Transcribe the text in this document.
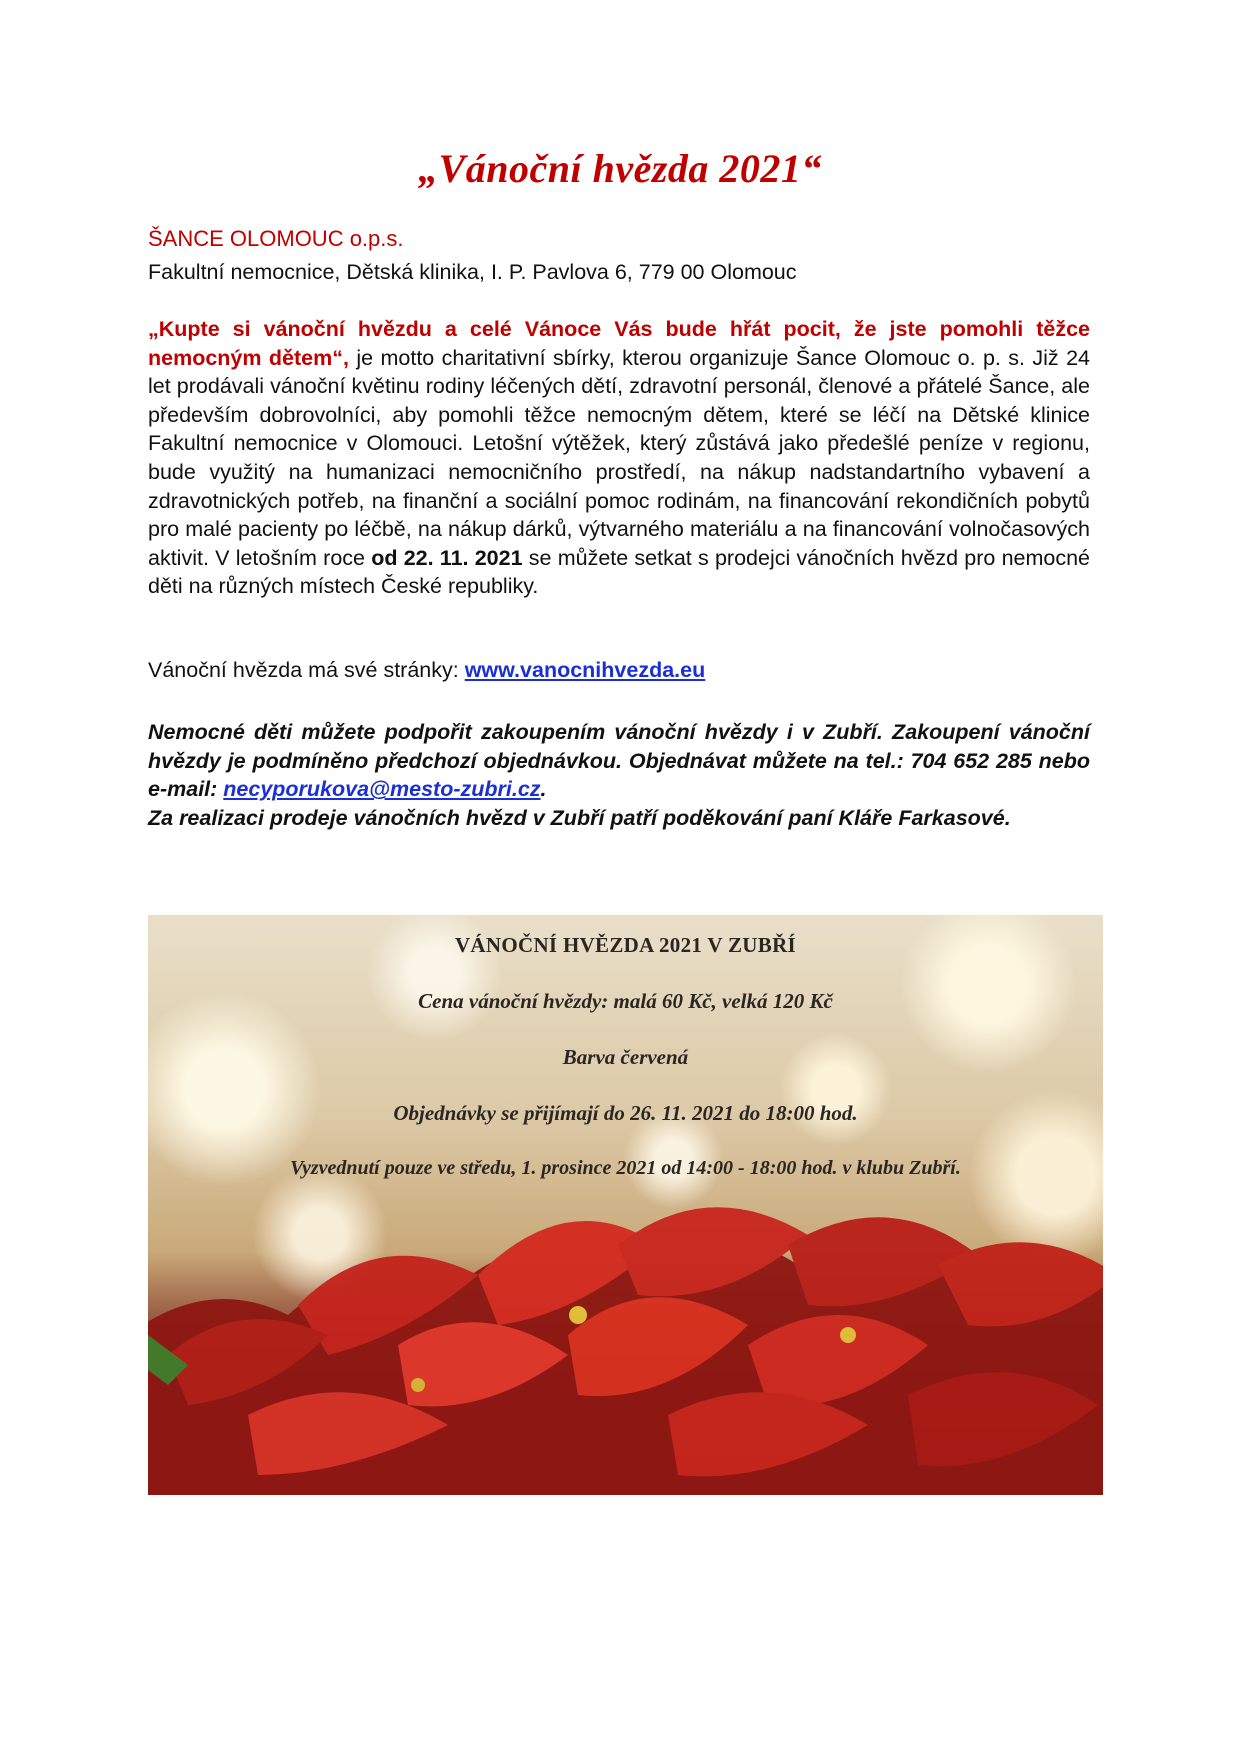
„Vánoční hvězda 2021“

ŠANCE OLOMOUC o.p.s.

Fakultní nemocnice, Dětská klinika, I. P. Pavlova 6, 779 00 Olomouc

„Kupte si vánoční hvězdu a celé Vánoce Vás bude hřát pocit, že jste pomohli těžce nemocným dětem“, je motto charitativní sbírky, kterou organizuje Šance Olomouc o. p. s. Již 24 let prodávali vánoční květinu rodiny léčených dětí, zdravotní personál, členové a přátelé Šance, ale především dobrovolníci, aby pomohli těžce nemocným dětem, které se léčí na Dětské klinice Fakultní nemocnice v Olomouci. Letošní výtěžek, který zůstává jako předešlé peníze v regionu, bude využitý na humanizaci nemocničního prostředí, na nákup nadstandartního vybavení a zdravotnických potřeb, na finanční a sociální pomoc rodinám, na financování rekondičních pobytů pro malé pacienty po léčbě, na nákup dárků, výtvarného materiálu a na financování volnočasových aktivit. V letošním roce od 22. 11. 2021 se můžete setkat s prodejci vánočních hvězd pro nemocné děti na různých místech České republiky.

Vánoční hvězda má své stránky: www.vanocnihvezda.eu

Nemocné děti můžete podpořit zakoupením vánoční hvězdy i v Zubří. Zakoupení vánoční hvězdy je podmíněno předchozí objednávkou. Objednávat můžete na tel.: 704 652 285 nebo e-mail: necyporukova@mesto-zubri.cz.
Za realizaci prodeje vánočních hvězd v Zubří patří poděkování paní Kláře Farkasové.

VÁNOČNÍ HVĚZDA 2021 V ZUBŘÍ

Cena vánoční hvězdy: malá 60 Kč, velká 120 Kč

Barva červená

Objednávky se přijímají do 26. 11. 2021 do 18:00 hod.

Vyzvednutí pouze ve středu, 1. prosince 2021 od 14:00 - 18:00 hod. v klubu Zubří.
